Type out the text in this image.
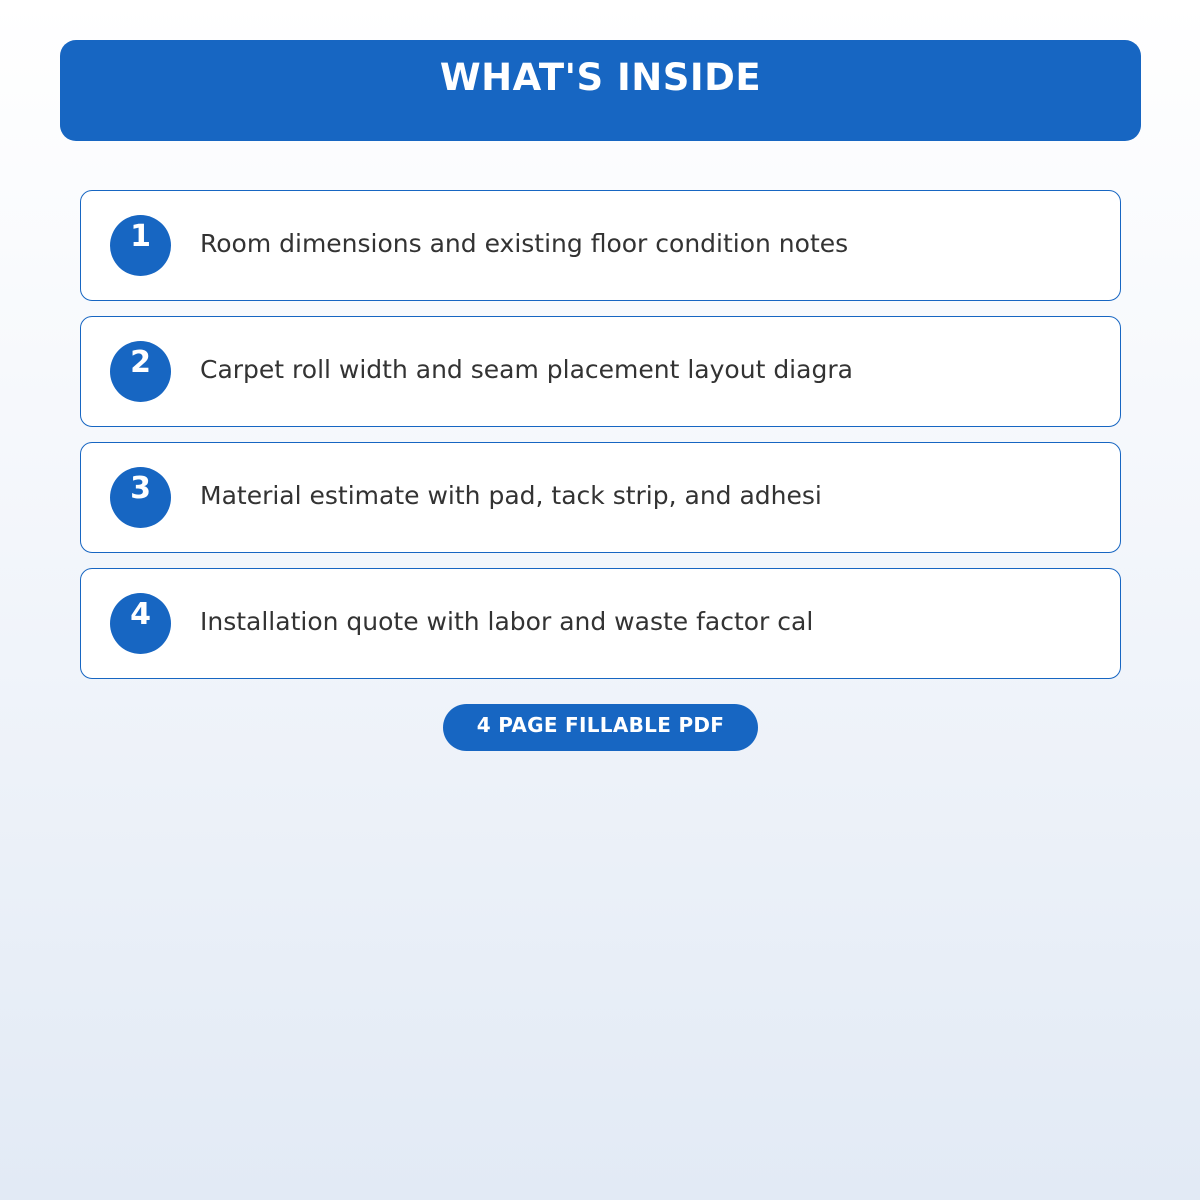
WHAT'S INSIDE
1	Room dimensions and existing floor condition notes
2	Carpet roll width and seam placement layout diagra
3	Material estimate with pad, tack strip, and adhesi
4	Installation quote with labor and waste factor cal
4 PAGE FILLABLE PDF
